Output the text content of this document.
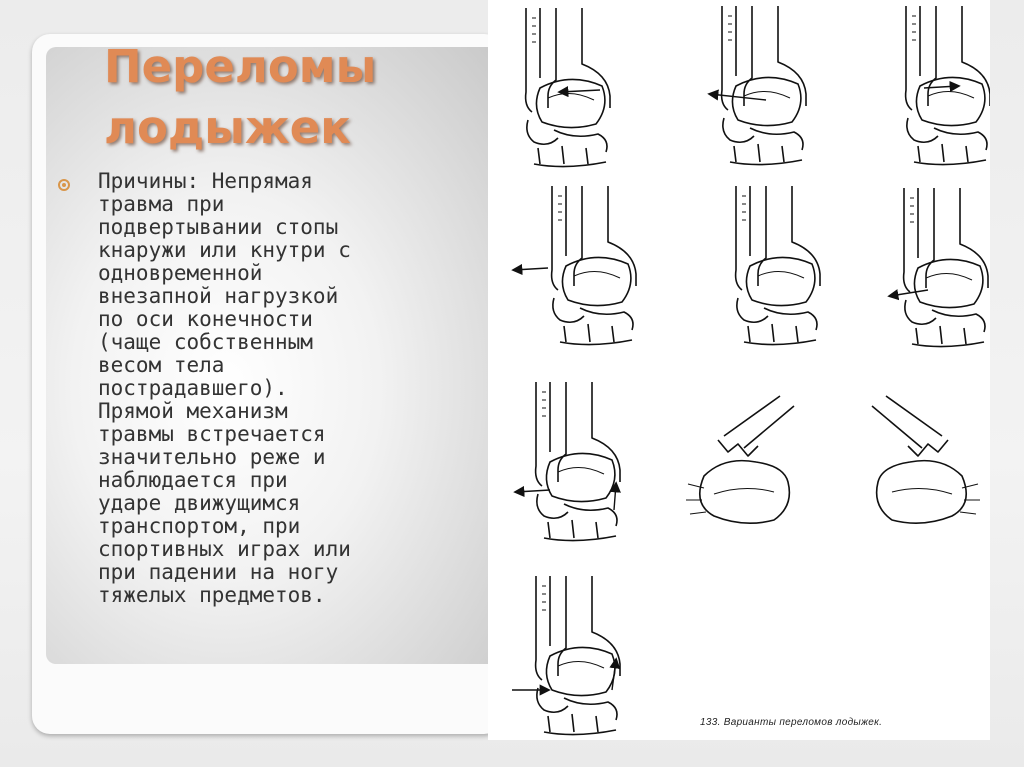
Переломы
лодыжек

Причины: Непрямая
травма при
подвертывании стопы
кнаружи или кнутри с
одновременной
внезапной нагрузкой
по оси конечности
(чаще собственным
весом тела
пострадавшего).
Прямой механизм
травмы встречается
значительно реже и
наблюдается при
ударе движущимся
транспортом, при
спортивных играх или
при падении на ногу
тяжелых предметов.

133. Варианты переломов лодыжек.
